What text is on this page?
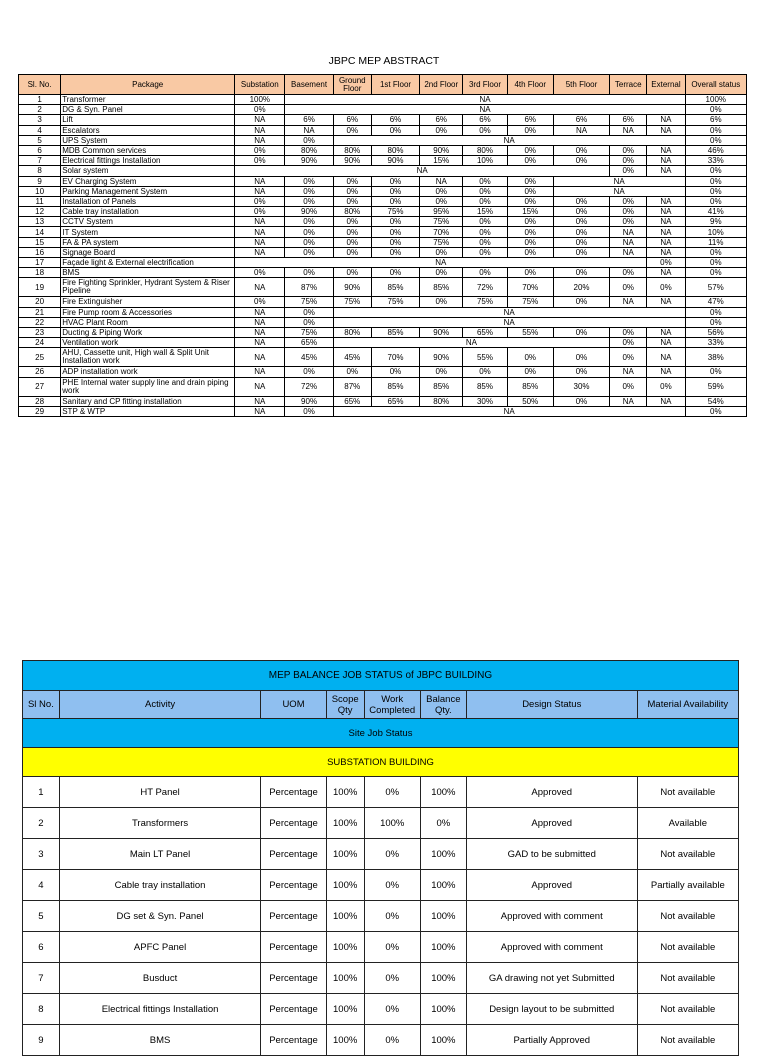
JBPC MEP ABSTRACT
Sl. No.	Package	Substation	Basement	Ground Floor	1st Floor	2nd Floor	3rd Floor	4th Floor	5th Floor	Terrace	External	Overall status
1	Transformer	100%	NA									100%
2	DG & Syn. Panel	0%	NA									0%
3	Lift	NA	6%	6%	6%	6%	6%	6%	6%	6%	NA	6%
4	Escalators	NA	NA	0%	0%	0%	0%	0%	NA	NA	NA	0%
5	UPS System	NA	0%	NA								0%
6	MDB Common services	0%	80%	80%	80%	90%	80%	0%	0%	0%	NA	46%
7	Electrical fittings Installation	0%	90%	90%	90%	15%	10%	0%	0%	0%	NA	33%
8	Solar system	NA								0%	NA	0%
9	EV Charging System	NA	0%	0%	0%	NA	0%	0%	NA			0%
10	Parking Management System	NA	0%	0%	0%	0%	0%	0%	NA			0%
11	Installation of Panels	0%	0%	0%	0%	0%	0%	0%	0%	0%	NA	0%
12	Cable tray installation	0%	90%	80%	75%	95%	15%	15%	0%	0%	NA	41%
13	CCTV System	NA	0%	0%	0%	75%	0%	0%	0%	0%	NA	9%
14	IT System	NA	0%	0%	0%	70%	0%	0%	0%	NA	NA	10%
15	FA & PA system	NA	0%	0%	0%	75%	0%	0%	0%	NA	NA	11%
16	Signage Board	NA	0%	0%	0%	0%	0%	0%	0%	NA	NA	0%
17	Façade light & External electrification	NA									0%	0%
18	BMS	0%	0%	0%	0%	0%	0%	0%	0%	0%	NA	0%
19	Fire Fighting Sprinkler, Hydrant System & Riser Pipeline	NA	87%	90%	85%	85%	72%	70%	20%	0%	0%	57%
20	Fire Extinguisher	0%	75%	75%	75%	0%	75%	75%	0%	NA	NA	47%
21	Fire Pump room & Accessories	NA	0%	NA								0%
22	HVAC Plant Room	NA	0%	NA								0%
23	Ducting & Piping Work	NA	75%	80%	85%	90%	65%	55%	0%	0%	NA	56%
24	Ventilation work	NA	65%	NA						0%	NA	33%
25	AHU, Cassette unit, High wall & Split Unit Installation work	NA	45%	45%	70%	90%	55%	0%	0%	0%	NA	38%
26	ADP installation work	NA	0%	0%	0%	0%	0%	0%	0%	NA	NA	0%
27	PHE Internal water supply line and drain piping work	NA	72%	87%	85%	85%	85%	85%	30%	0%	0%	59%
28	Sanitary and CP fitting installation	NA	90%	65%	65%	80%	30%	50%	0%	NA	NA	54%
29	STP & WTP	NA	0%	NA								0%
MEP BALANCE JOB STATUS of JBPC BUILDING							
Sl No.	Activity	UOM	Scope Qty	Work Completed	Balance Qty.	Design Status	Material Availability
Site Job Status							
SUBSTATION BUILDING							
1	HT Panel	Percentage	100%	0%	100%	Approved	Not available
2	Transformers	Percentage	100%	100%	0%	Approved	Available
3	Main LT Panel	Percentage	100%	0%	100%	GAD to be submitted	Not available
4	Cable tray installation	Percentage	100%	0%	100%	Approved	Partially available
5	DG set & Syn. Panel	Percentage	100%	0%	100%	Approved with comment	Not available
6	APFC Panel	Percentage	100%	0%	100%	Approved with comment	Not available
7	Busduct	Percentage	100%	0%	100%	GA drawing not yet Submitted	Not available
8	Electrical fittings Installation	Percentage	100%	0%	100%	Design layout to be submitted	Not available
9	BMS	Percentage	100%	0%	100%	Partially Approved	Not available
